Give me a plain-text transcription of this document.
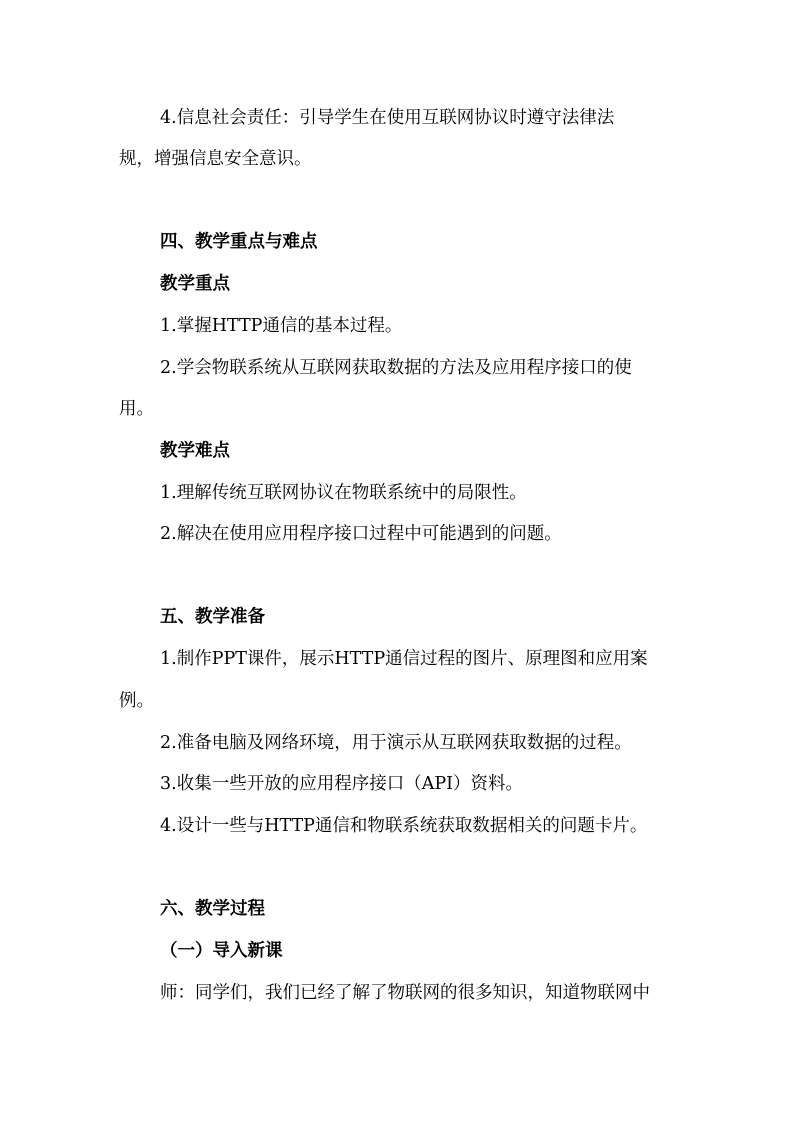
4.信息社会责任：引导学生在使用互联网协议时遵守法律法
规，增强信息安全意识。
四、教学重点与难点
教学重点
1.掌握HTTP通信的基本过程。
2.学会物联系统从互联网获取数据的方法及应用程序接口的使
用。
教学难点
1.理解传统互联网协议在物联系统中的局限性。
2.解决在使用应用程序接口过程中可能遇到的问题。
五、教学准备
1.制作PPT课件，展示HTTP通信过程的图片、原理图和应用案
例。
2.准备电脑及网络环境，用于演示从互联网获取数据的过程。
3.收集一些开放的应用程序接口（API）资料。
4.设计一些与HTTP通信和物联系统获取数据相关的问题卡片。
六、教学过程
（一）导入新课
师：同学们，我们已经了解了物联网的很多知识，知道物联网中
